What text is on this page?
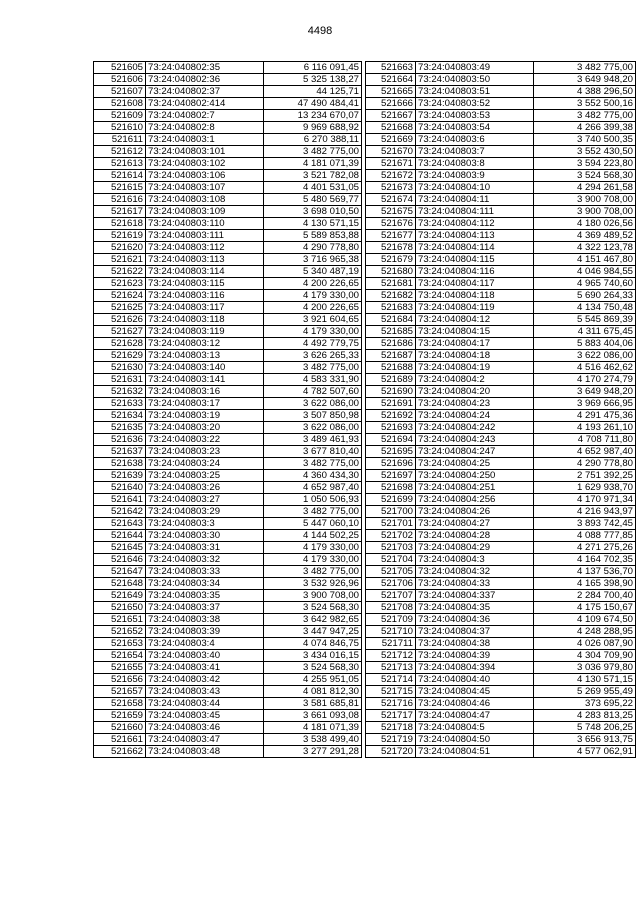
4498
521605	73:24:040802:35	6 116 091,45
521606	73:24:040802:36	5 325 138,27
521607	73:24:040802:37	44 125,71
521608	73:24:040802:414	47 490 484,41
521609	73:24:040802:7	13 234 670,07
521610	73:24:040802:8	9 969 688,92
521611	73:24:040803:1	6 270 388,11
521612	73:24:040803:101	3 482 775,00
521613	73:24:040803:102	4 181 071,39
521614	73:24:040803:106	3 521 782,08
521615	73:24:040803:107	4 401 531,05
521616	73:24:040803:108	5 480 569,77
521617	73:24:040803:109	3 698 010,50
521618	73:24:040803:110	4 130 571,15
521619	73:24:040803:111	5 589 853,88
521620	73:24:040803:112	4 290 778,80
521621	73:24:040803:113	3 716 965,38
521622	73:24:040803:114	5 340 487,19
521623	73:24:040803:115	4 200 226,65
521624	73:24:040803:116	4 179 330,00
521625	73:24:040803:117	4 200 226,65
521626	73:24:040803:118	3 921 604,65
521627	73:24:040803:119	4 179 330,00
521628	73:24:040803:12	4 492 779,75
521629	73:24:040803:13	3 626 265,33
521630	73:24:040803:140	3 482 775,00
521631	73:24:040803:141	4 583 331,90
521632	73:24:040803:16	4 782 507,60
521633	73:24:040803:17	3 622 086,00
521634	73:24:040803:19	3 507 850,98
521635	73:24:040803:20	3 622 086,00
521636	73:24:040803:22	3 489 461,93
521637	73:24:040803:23	3 677 810,40
521638	73:24:040803:24	3 482 775,00
521639	73:24:040803:25	4 360 434,30
521640	73:24:040803:26	4 652 987,40
521641	73:24:040803:27	1 050 506,93
521642	73:24:040803:29	3 482 775,00
521643	73:24:040803:3	5 447 060,10
521644	73:24:040803:30	4 144 502,25
521645	73:24:040803:31	4 179 330,00
521646	73:24:040803:32	4 179 330,00
521647	73:24:040803:33	3 482 775,00
521648	73:24:040803:34	3 532 926,96
521649	73:24:040803:35	3 900 708,00
521650	73:24:040803:37	3 524 568,30
521651	73:24:040803:38	3 642 982,65
521652	73:24:040803:39	3 447 947,25
521653	73:24:040803:4	4 074 846,75
521654	73:24:040803:40	3 434 016,15
521655	73:24:040803:41	3 524 568,30
521656	73:24:040803:42	4 255 951,05
521657	73:24:040803:43	4 081 812,30
521658	73:24:040803:44	3 581 685,81
521659	73:24:040803:45	3 661 093,08
521660	73:24:040803:46	4 181 071,39
521661	73:24:040803:47	3 538 499,40
521662	73:24:040803:48	3 277 291,28
521663	73:24:040803:49	3 482 775,00
521664	73:24:040803:50	3 649 948,20
521665	73:24:040803:51	4 388 296,50
521666	73:24:040803:52	3 552 500,16
521667	73:24:040803:53	3 482 775,00
521668	73:24:040803:54	4 266 399,38
521669	73:24:040803:6	3 740 500,35
521670	73:24:040803:7	3 552 430,50
521671	73:24:040803:8	3 594 223,80
521672	73:24:040803:9	3 524 568,30
521673	73:24:040804:10	4 294 261,58
521674	73:24:040804:11	3 900 708,00
521675	73:24:040804:111	3 900 708,00
521676	73:24:040804:112	4 180 026,56
521677	73:24:040804:113	4 369 489,52
521678	73:24:040804:114	4 322 123,78
521679	73:24:040804:115	4 151 467,80
521680	73:24:040804:116	4 046 984,55
521681	73:24:040804:117	4 965 740,60
521682	73:24:040804:118	5 690 264,33
521683	73:24:040804:119	4 134 750,48
521684	73:24:040804:12	5 545 869,39
521685	73:24:040804:15	4 311 675,45
521686	73:24:040804:17	5 883 404,06
521687	73:24:040804:18	3 622 086,00
521688	73:24:040804:19	4 516 462,62
521689	73:24:040804:2	4 170 274,79
521690	73:24:040804:20	3 649 948,20
521691	73:24:040804:23	3 969 666,95
521692	73:24:040804:24	4 291 475,36
521693	73:24:040804:242	4 193 261,10
521694	73:24:040804:243	4 708 711,80
521695	73:24:040804:247	4 652 987,40
521696	73:24:040804:25	4 290 778,80
521697	73:24:040804:250	2 751 392,25
521698	73:24:040804:251	1 629 938,70
521699	73:24:040804:256	4 170 971,34
521700	73:24:040804:26	4 216 943,97
521701	73:24:040804:27	3 893 742,45
521702	73:24:040804:28	4 088 777,85
521703	73:24:040804:29	4 271 275,26
521704	73:24:040804:3	4 164 702,35
521705	73:24:040804:32	4 137 536,70
521706	73:24:040804:33	4 165 398,90
521707	73:24:040804:337	2 284 700,40
521708	73:24:040804:35	4 175 150,67
521709	73:24:040804:36	4 109 674,50
521710	73:24:040804:37	4 248 288,95
521711	73:24:040804:38	4 026 087,90
521712	73:24:040804:39	4 304 709,90
521713	73:24:040804:394	3 036 979,80
521714	73:24:040804:40	4 130 571,15
521715	73:24:040804:45	5 269 955,49
521716	73:24:040804:46	373 695,22
521717	73:24:040804:47	4 283 813,25
521718	73:24:040804:5	5 748 206,25
521719	73:24:040804:50	3 656 913,75
521720	73:24:040804:51	4 577 062,91
